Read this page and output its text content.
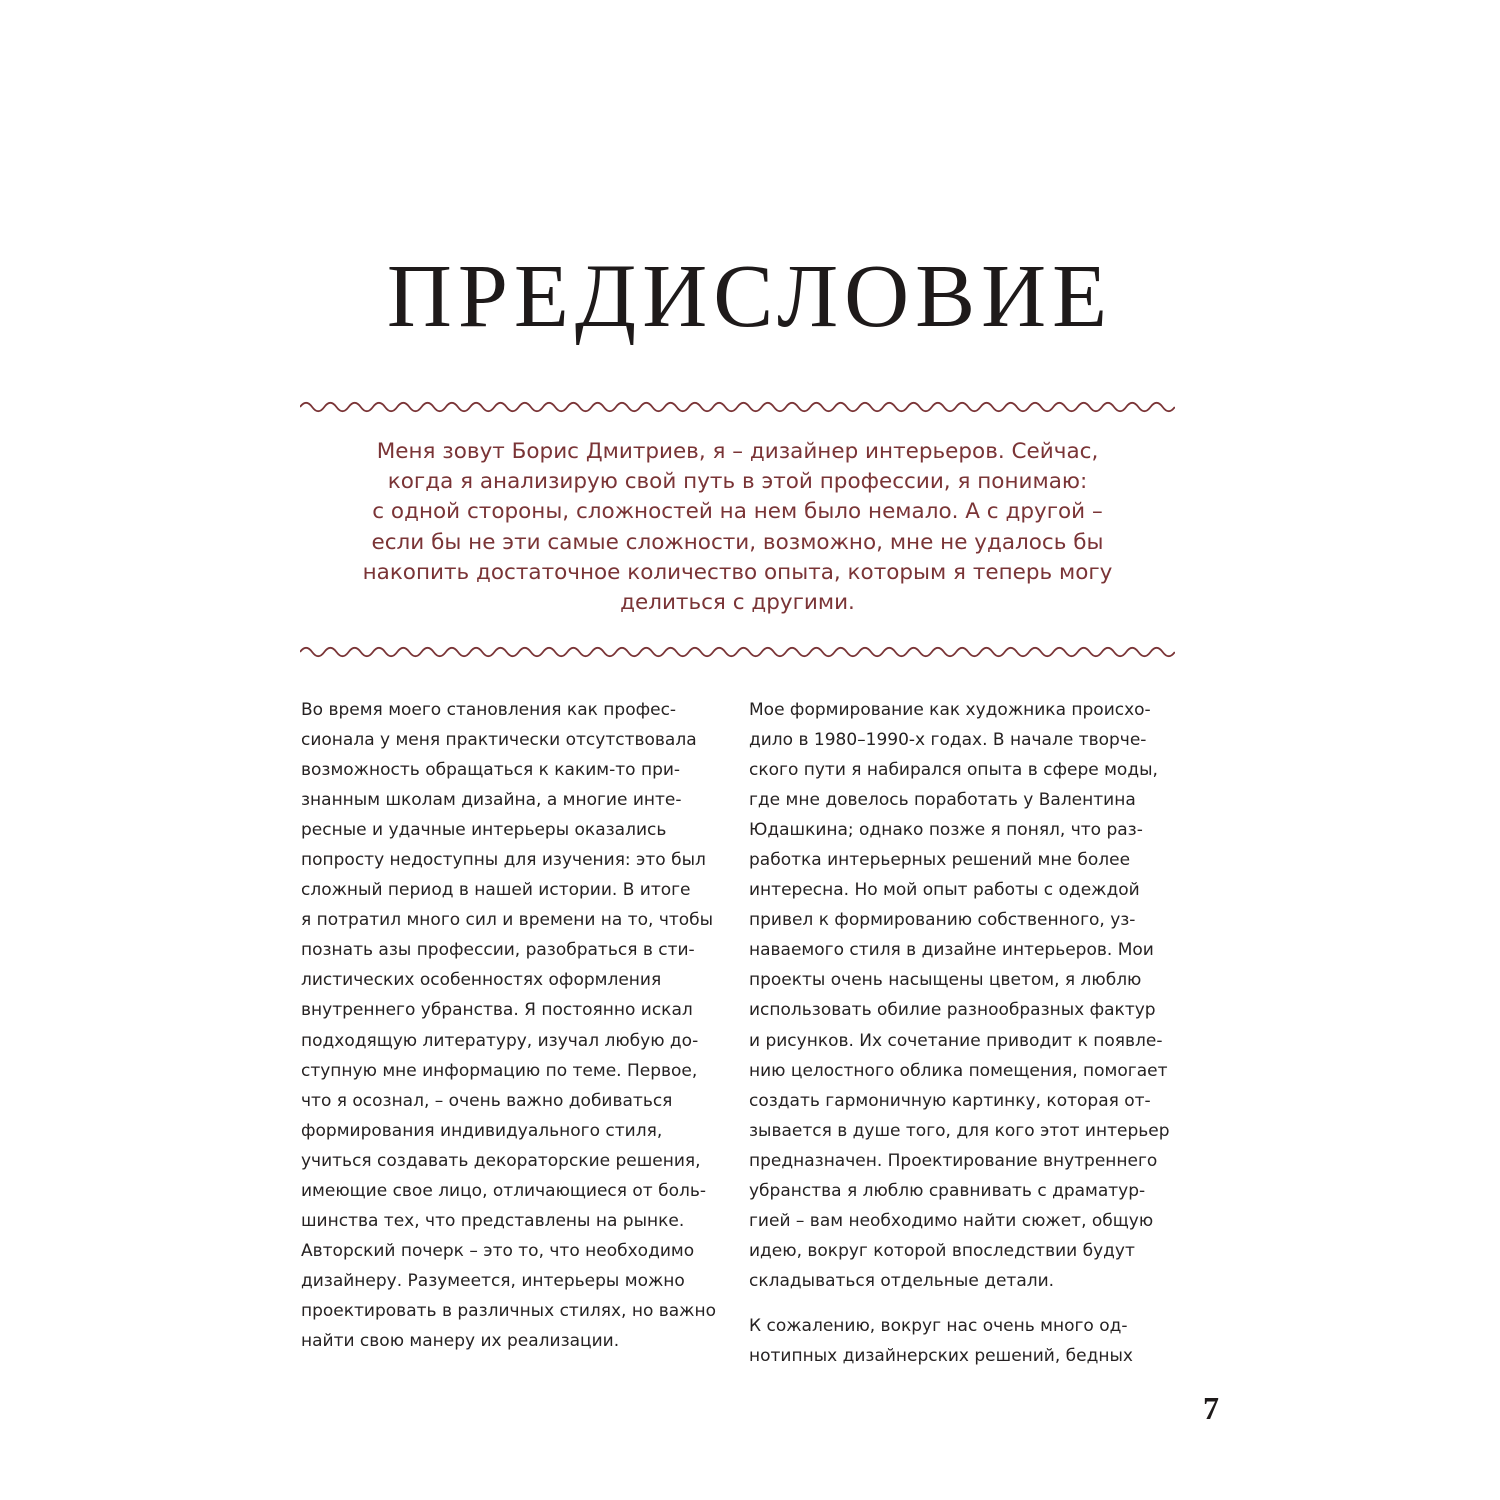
ПРЕДИСЛОВИЕ

Меня зовут Борис Дмитриев, я – дизайнер интерьеров. Сейчас,
когда я анализирую свой путь в этой профессии, я понимаю:
с одной стороны, сложностей на нем было немало. А с другой –
если бы не эти самые сложности, возможно, мне не удалось бы
накопить достаточное количество опыта, которым я теперь могу
делиться с другими.

Во время моего становления как профес-
сионала у меня практически отсутствовала
возможность обращаться к каким-то при-
знанным школам дизайна, а многие инте-
ресные и удачные интерьеры оказались
попросту недоступны для изучения: это был
сложный период в нашей истории. В итоге
я потратил много сил и времени на то, чтобы
познать азы профессии, разобраться в сти-
листических особенностях оформления
внутреннего убранства. Я постоянно искал
подходящую литературу, изучал любую до-
ступную мне информацию по теме. Первое,
что я осознал, – очень важно добиваться
формирования индивидуального стиля,
учиться создавать декораторские решения,
имеющие свое лицо, отличающиеся от боль-
шинства тех, что представлены на рынке.
Авторский почерк – это то, что необходимо
дизайнеру. Разумеется, интерьеры можно
проектировать в различных стилях, но важно
найти свою манеру их реализации.

Мое формирование как художника происхо-
дило в 1980–1990-х годах. В начале творче-
ского пути я набирался опыта в сфере моды,
где мне довелось поработать у Валентина
Юдашкина; однако позже я понял, что раз-
работка интерьерных решений мне более
интересна. Но мой опыт работы с одеждой
привел к формированию собственного, уз-
наваемого стиля в дизайне интерьеров. Мои
проекты очень насыщены цветом, я люблю
использовать обилие разнообразных фактур
и рисунков. Их сочетание приводит к появле-
нию целостного облика помещения, помогает
создать гармоничную картинку, которая от-
зывается в душе того, для кого этот интерьер
предназначен. Проектирование внутреннего
убранства я люблю сравнивать с драматур-
гией – вам необходимо найти сюжет, общую
идею, вокруг которой впоследствии будут
складываться отдельные детали.

К сожалению, вокруг нас очень много од-
нотипных дизайнерских решений, бедных

7
